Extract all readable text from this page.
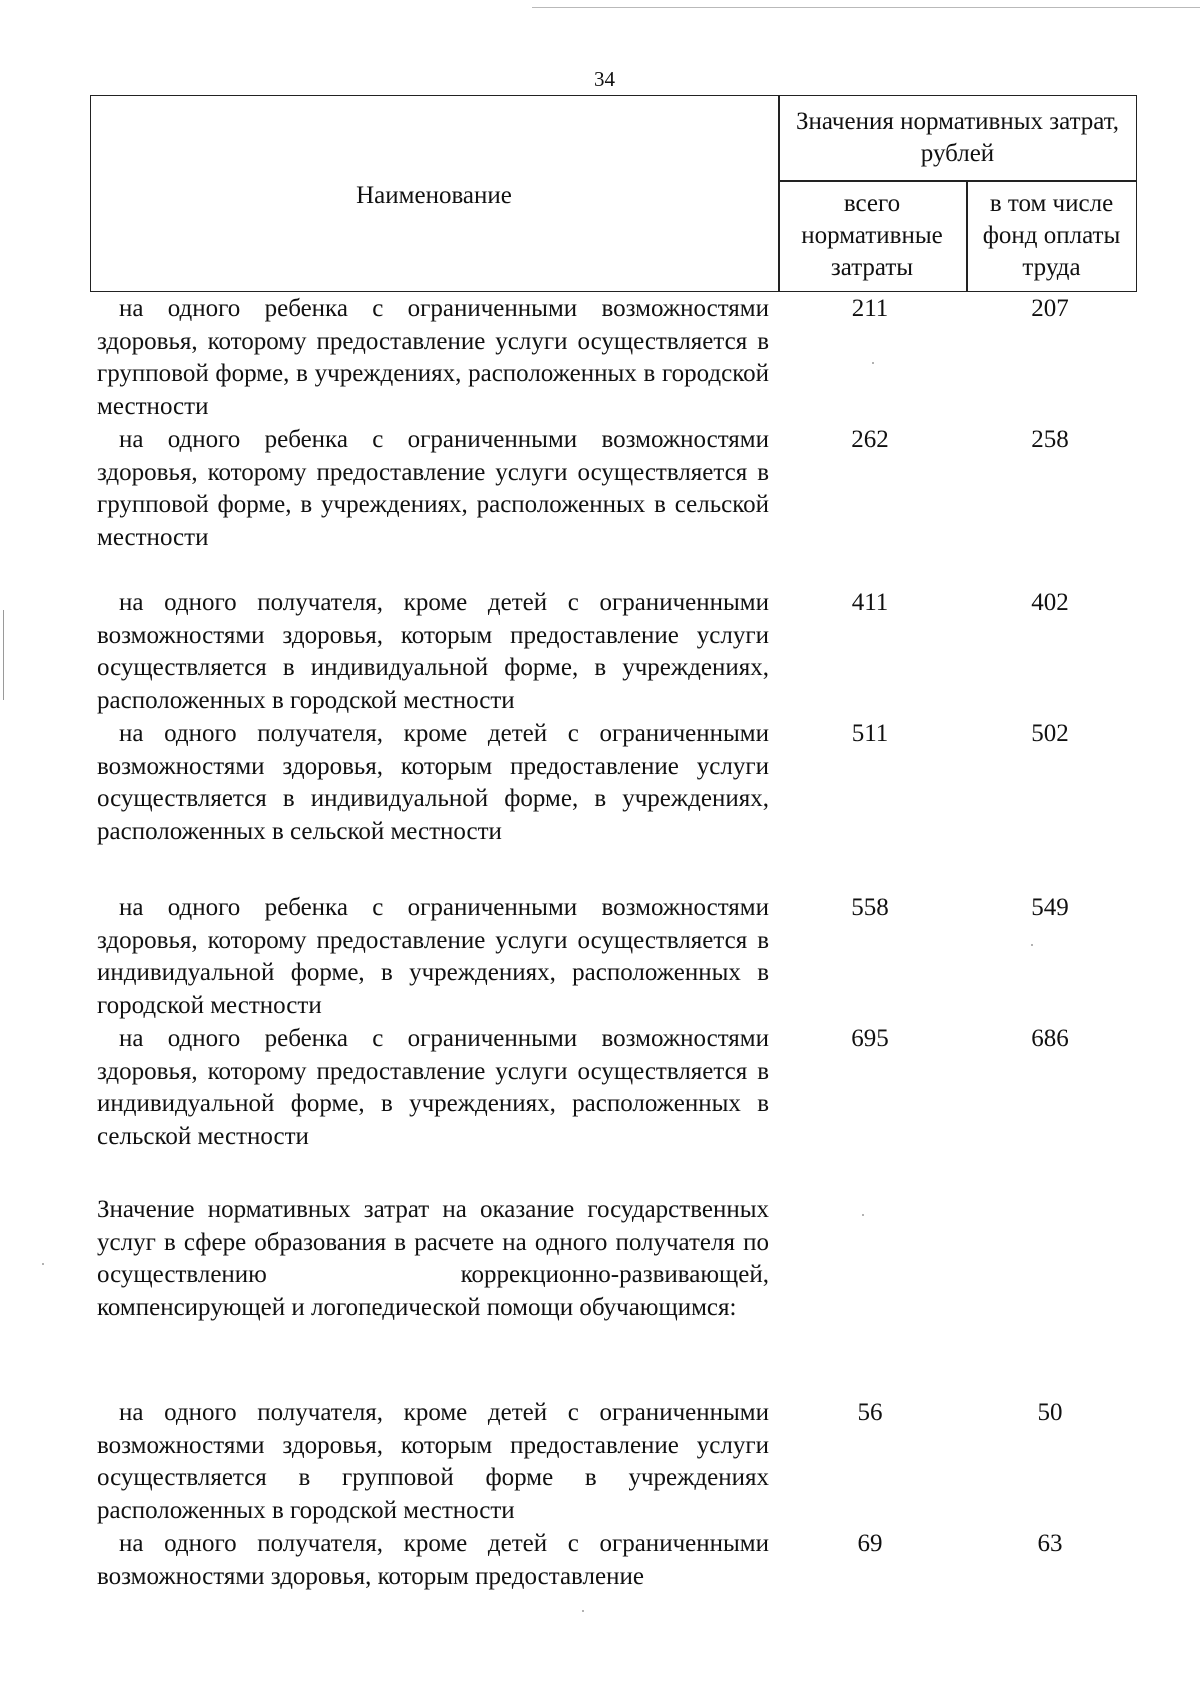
34
Наименование
Значения нормативных затрат, рублей
всего нормативные затраты
в том числе фонд оплаты труда
на одного ребенка с ограниченными возможностями здоровья, которому предоставление услуги осуществляется в групповой форме, в учреждениях, расположенных в городской местности
211	207
на одного ребенка с ограниченными возможностями здоровья, которому предоставление услуги осуществляется в групповой форме, в учреждениях, расположенных в сельской местности
262	258
на одного получателя, кроме детей с ограниченными возможностями здоровья, которым предоставление услуги осуществляется в индивидуальной форме, в учреждениях, расположенных в городской местности
411	402
на одного получателя, кроме детей с ограниченными возможностями здоровья, которым предоставление услуги осуществляется в индивидуальной форме, в учреждениях, расположенных в сельской местности
511	502
на одного ребенка с ограниченными возможностями здоровья, которому предоставление услуги осуществляется в индивидуальной форме, в учреждениях, расположенных в городской местности
558	549
на одного ребенка с ограниченными возможностями здоровья, которому предоставление услуги осуществляется в индивидуальной форме, в учреждениях, расположенных в сельской местности
695	686
Значение нормативных затрат на оказание государственных услуг в сфере образования в расчете на одного получателя по осуществлению коррекционно-развивающей, компенсирующей и логопедической помощи обучающимся:
на одного получателя, кроме детей с ограниченными возможностями здоровья, которым предоставление услуги осуществляется в групповой форме в учреждениях расположенных в городской местности
56	50
на одного получателя, кроме детей с ограниченными возможностями здоровья, которым предоставление
69	63
